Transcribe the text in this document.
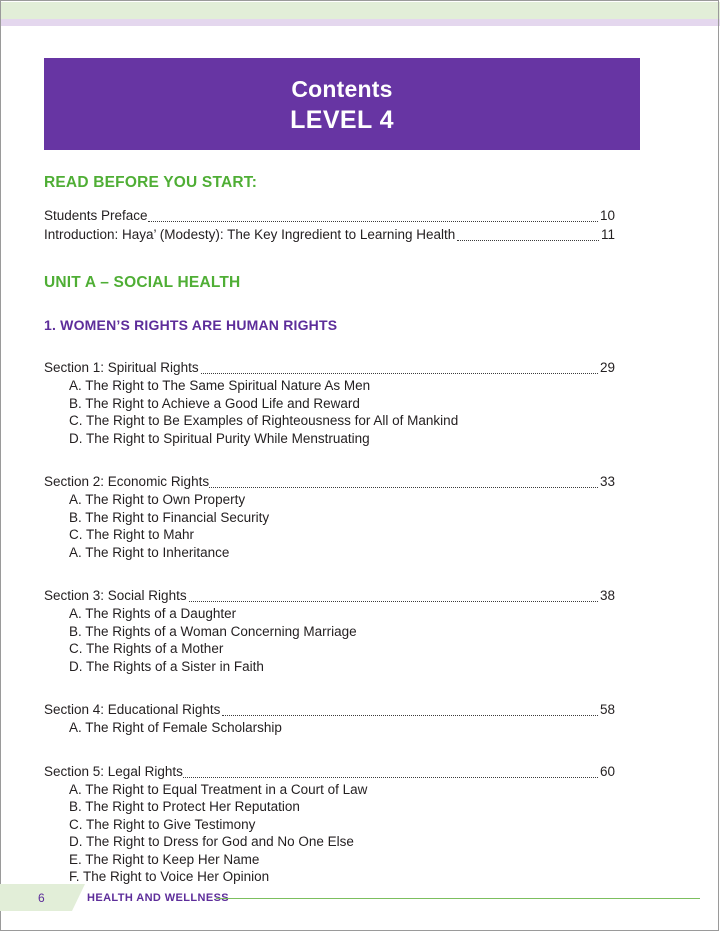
Contents
LEVEL 4
READ BEFORE YOU START:
Students Preface	10
Introduction: Haya’ (Modesty): The Key Ingredient to Learning Health	11
UNIT A – SOCIAL HEALTH
1. WOMEN’S RIGHTS ARE HUMAN RIGHTS
Section 1: Spiritual Rights	29
A. The Right to The Same Spiritual Nature As Men
B. The Right to Achieve a Good Life and Reward
C. The Right to Be Examples of Righteousness for All of Mankind
D. The Right to Spiritual Purity While Menstruating
Section 2: Economic Rights	33
A. The Right to Own Property
B. The Right to Financial Security
C. The Right to Mahr
A. The Right to Inheritance
Section 3: Social Rights	38
A. The Rights of a Daughter
B. The Rights of a Woman Concerning Marriage
C. The Rights of a Mother
D. The Rights of a Sister in Faith
Section 4: Educational Rights	58
A. The Right of Female Scholarship
Section 5: Legal Rights	60
A. The Right to Equal Treatment in a Court of Law
B. The Right to Protect Her Reputation
C. The Right to Give Testimony
D. The Right to Dress for God and No One Else
E. The Right to Keep Her Name
F. The Right to Voice Her Opinion
6	HEALTH AND WELLNESS
